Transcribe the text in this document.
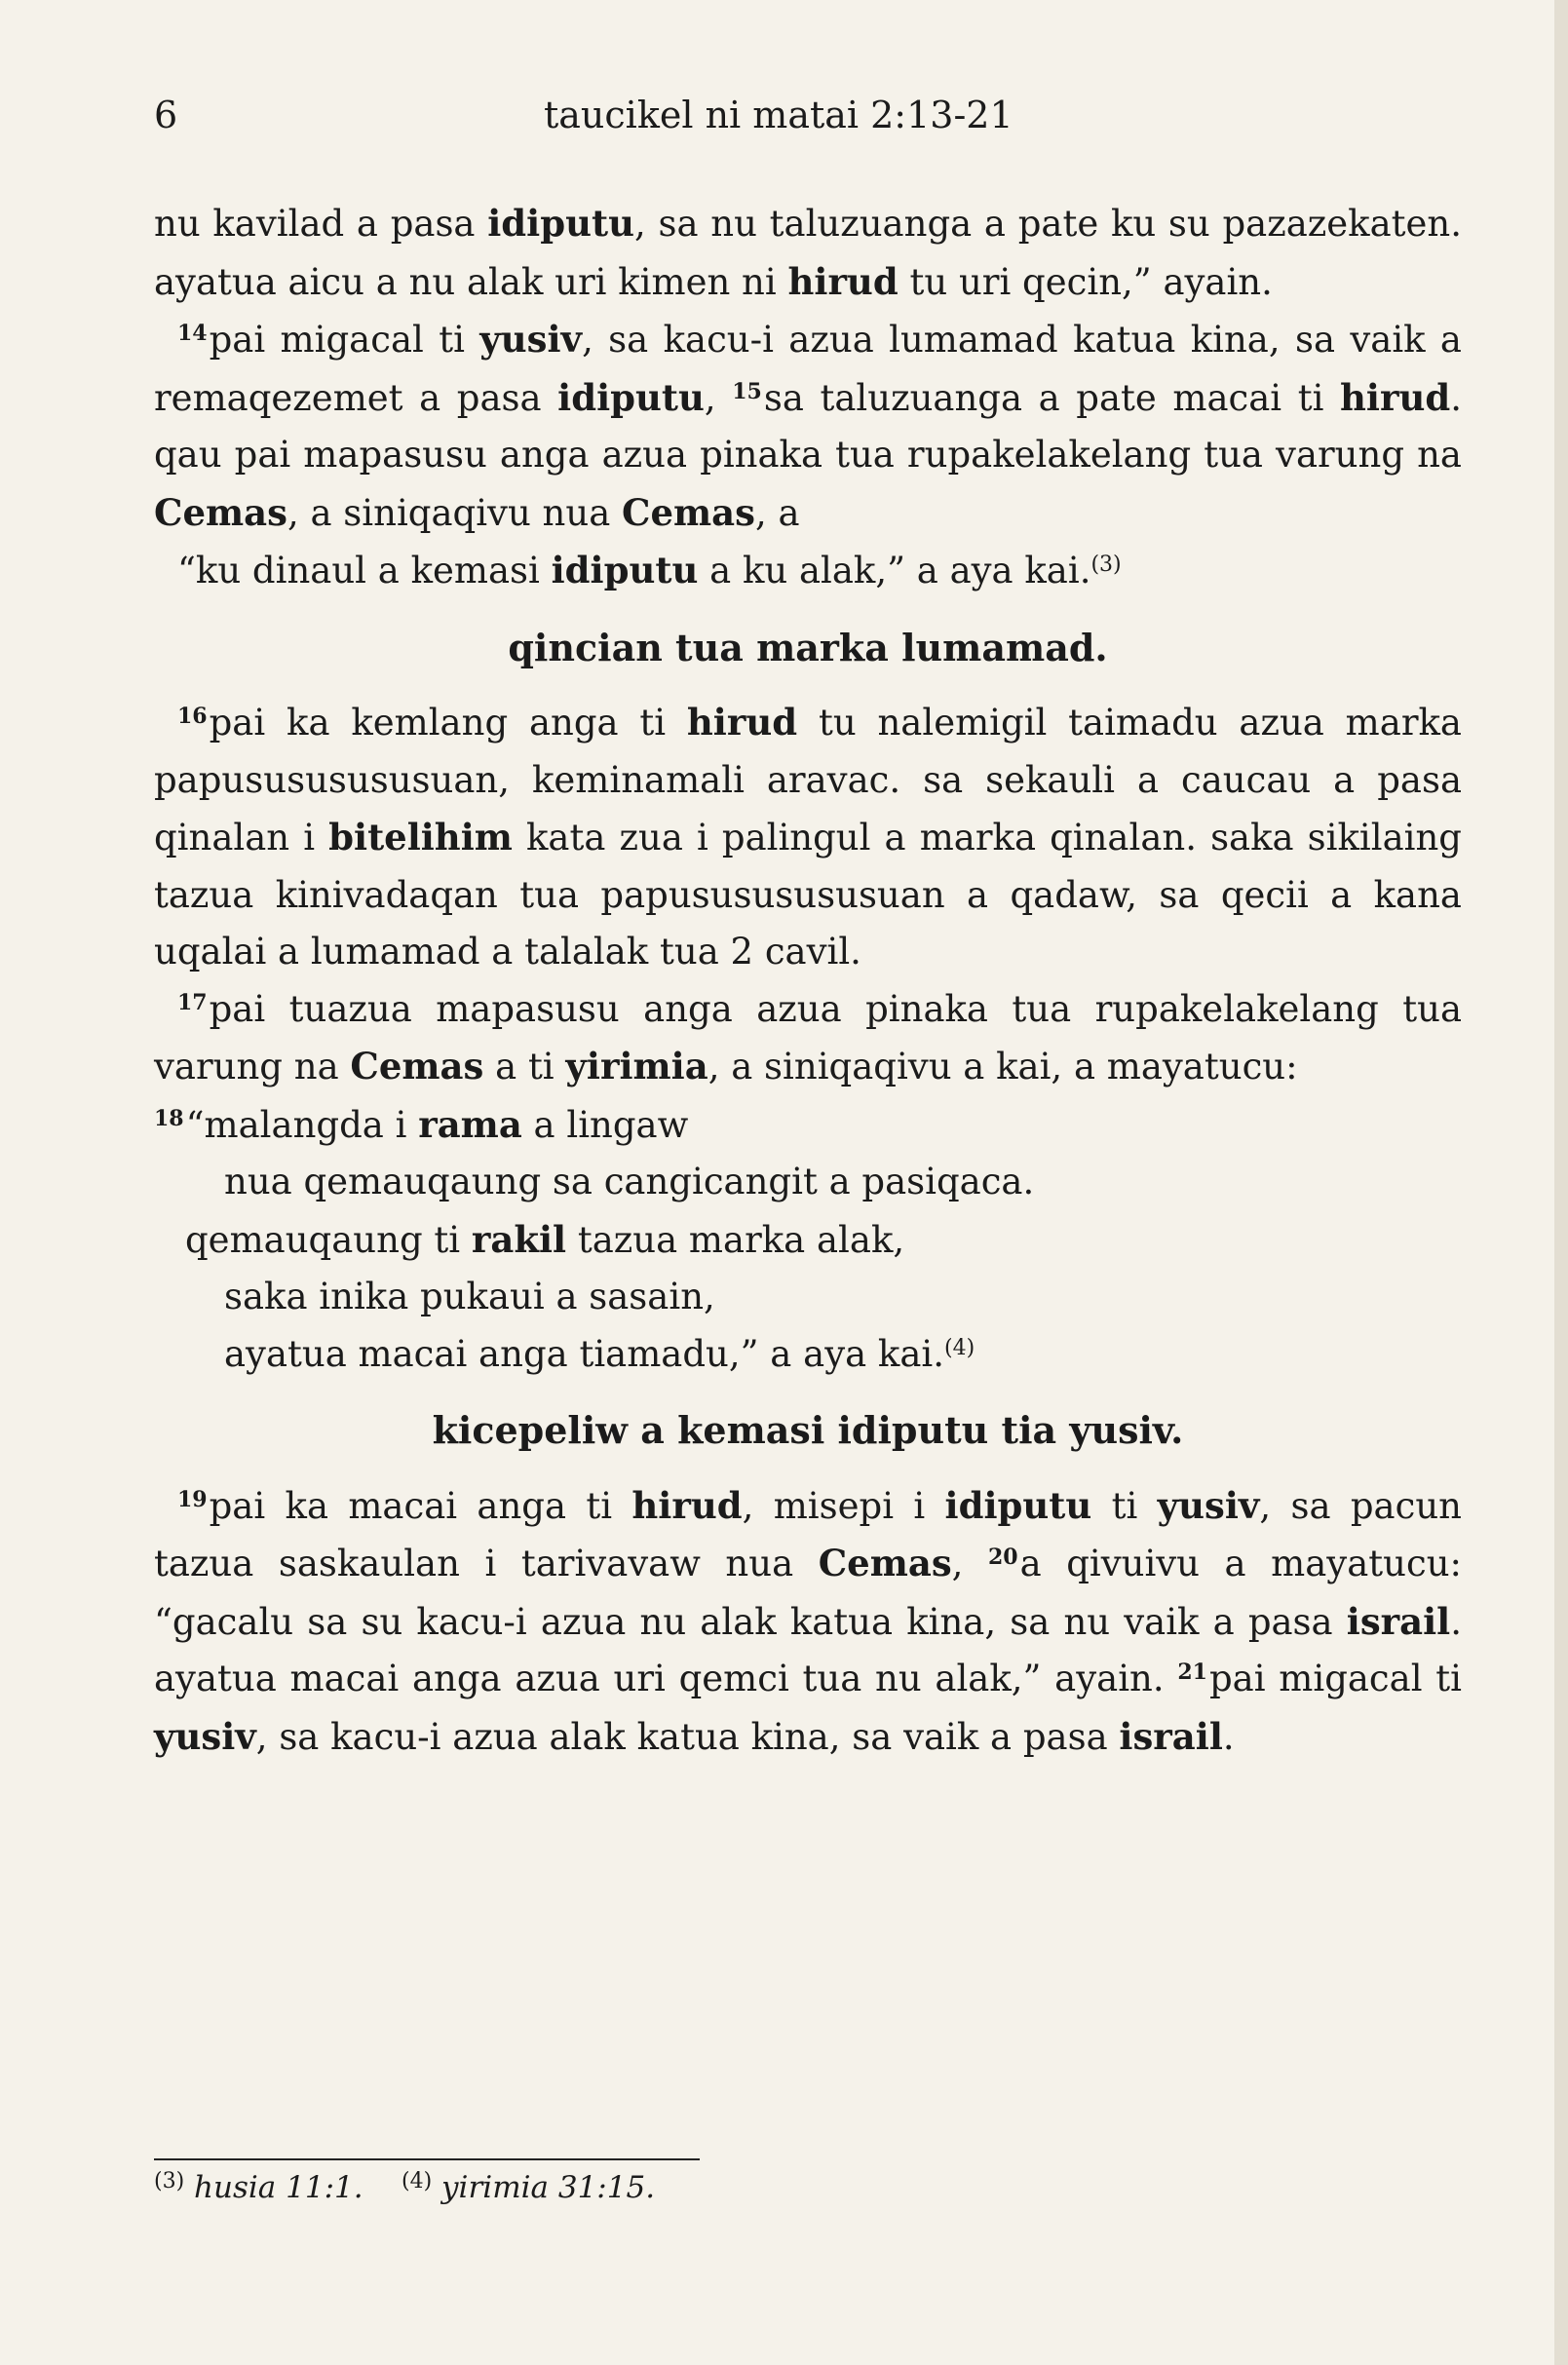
6	taucikel ni matai 2:13-21

nu kavilad a pasa idiputu, sa nu taluzuanga a pate ku su pazazekaten. ayatua aicu a nu alak uri kimen ni hirud tu uri qecin,” ayain.

$^{14}$pai migacal ti yusiv, sa kacu-i azua lumamad katua kina, sa vaik a remaqezemet a pasa idiputu, $^{15}$sa taluzuanga a pate macai ti hirud. qau pai mapasusu anga azua pinaka tua rupakelakelang tua varung na Cemas, a siniqaqivu nua Cemas, a

“ku dinaul a kemasi idiputu a ku alak,” a aya kai.$^{(3)}$

qincian tua marka lumamad.

$^{16}$pai ka kemlang anga ti hirud tu nalemigil taimadu azua marka papusususususuan, keminamali aravac. sa sekauli a caucau a pasa qinalan i bitelihim kata zua i palingul a marka qinalan. saka sikilaing tazua kinivadaqan tua papusususususuan a qadaw, sa qecii a kana uqalai a lumamad a talalak tua 2 cavil.

$^{17}$pai tuazua mapasusu anga azua pinaka tua rupakelakelang tua varung na Cemas a ti yirimia, a siniqaqivu a kai, a mayatucu:

$^{18}$“malangda i rama a lingaw
nua qemauqaung sa cangicangit a pasiqaca.
qemauqaung ti rakil tazua marka alak,
saka inika pukaui a sasain,
ayatua macai anga tiamadu,” a aya kai.$^{(4)}$
kicepeliw a kemasi idiputu tia yusiv.

$^{19}$pai ka macai anga ti hirud, misepi i idiputu ti yusiv, sa pacun tazua saskaulan i tarivavaw nua Cemas, $^{20}$a qivuivu a mayatucu: “gacalu sa su kacu-i azua nu alak katua kina, sa nu vaik a pasa israil. ayatua macai anga azua uri qemci tua nu alak,” ayain. $^{21}$pai migacal ti yusiv, sa kacu-i azua alak katua kina, sa vaik a pasa israil.

$^{(3)}$ husia 11:1. $^{(4)}$ yirimia 31:15.
